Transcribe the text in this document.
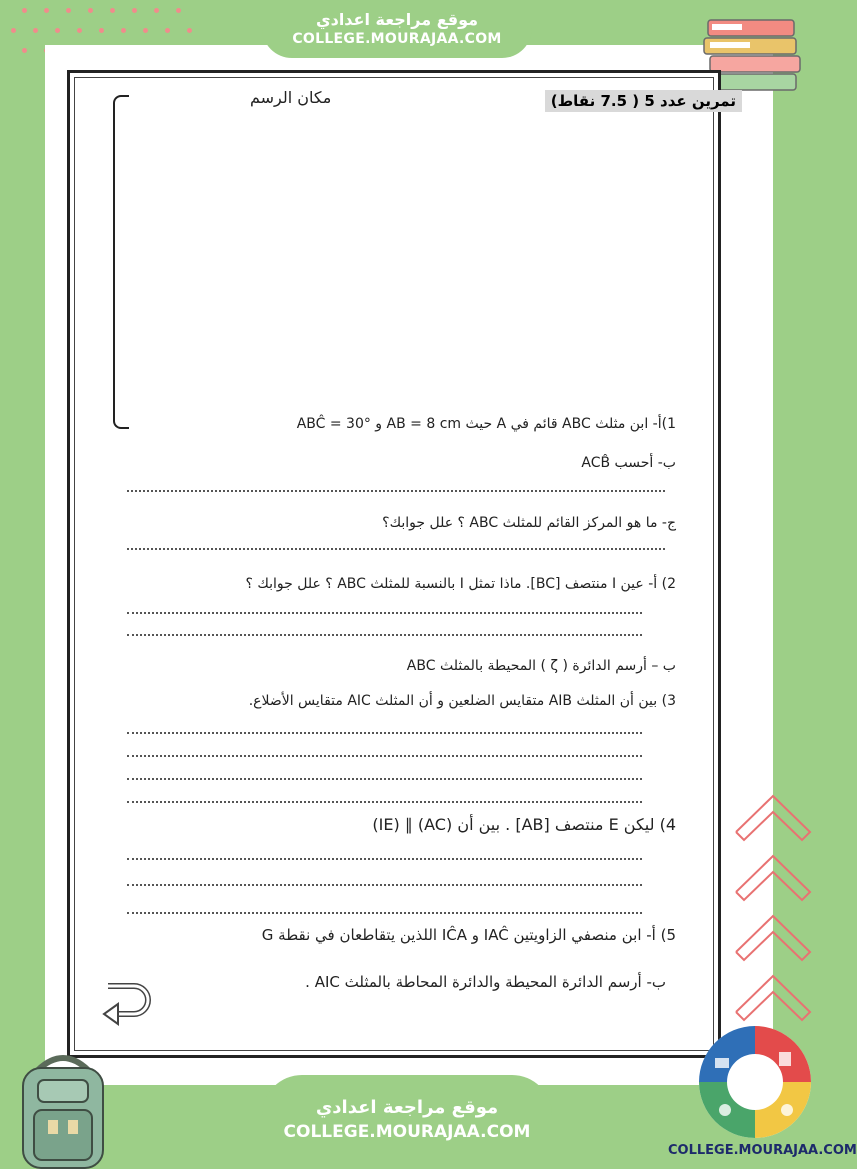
موقع مراجعة اعدادي
COLLEGE.MOURAJAA.COM
تمرين عدد 5 ( 7.5 نقاط)
مكان الرسم
1)أ- ابن مثلث ABC قائم في A حيث AB = 8 cm و ABĈ = 30°
ب- أحسب ACB̂
ج- ما هو المركز القائم للمثلث ABC ؟ علل جوابك؟
2) أ- عين I منتصف [BC]. ماذا تمثل I بالنسبة للمثلث ABC ؟ علل جوابك ؟
ب – أرسم الدائرة ( ζ ) المحيطة بالمثلث ABC
3) بين أن المثلث AIB متقايس الضلعين و أن المثلث AIC متقايس الأضلاع.
4) ليكن E منتصف [AB] . بين أن (AC) ∥ (IE)
5) أ- ابن منصفي الزاويتين IAĈ و IĈA اللذين يتقاطعان في نقطة G
ب- أرسم الدائرة المحيطة والدائرة المحاطة بالمثلث AIC .
موقع مراجعة اعدادي
COLLEGE.MOURAJAA.COM
COLLEGE.MOURAJAA.COM
